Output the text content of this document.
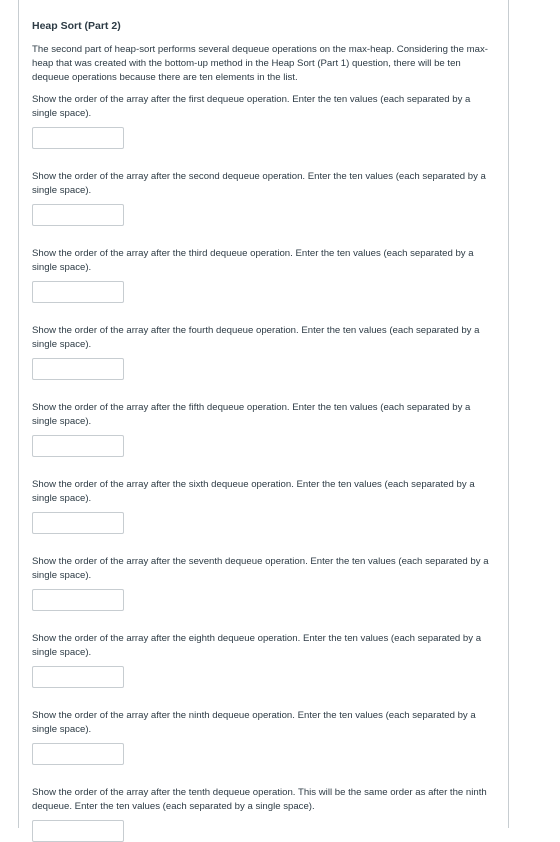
Heap Sort (Part 2)

The second part of heap-sort performs several dequeue operations on the max-heap. Considering the max-heap that was created with the bottom-up method in the Heap Sort (Part 1) question, there will be ten dequeue operations because there are ten elements in the list.

Show the order of the array after the first dequeue operation. Enter the ten values (each separated by a single space).

Show the order of the array after the second dequeue operation. Enter the ten values (each separated by a single space).

Show the order of the array after the third dequeue operation. Enter the ten values (each separated by a single space).

Show the order of the array after the fourth dequeue operation. Enter the ten values (each separated by a single space).

Show the order of the array after the fifth dequeue operation. Enter the ten values (each separated by a single space).

Show the order of the array after the sixth dequeue operation. Enter the ten values (each separated by a single space).

Show the order of the array after the seventh dequeue operation. Enter the ten values (each separated by a single space).

Show the order of the array after the eighth dequeue operation. Enter the ten values (each separated by a single space).

Show the order of the array after the ninth dequeue operation. Enter the ten values (each separated by a single space).

Show the order of the array after the tenth dequeue operation. This will be the same order as after the ninth dequeue. Enter the ten values (each separated by a single space).
